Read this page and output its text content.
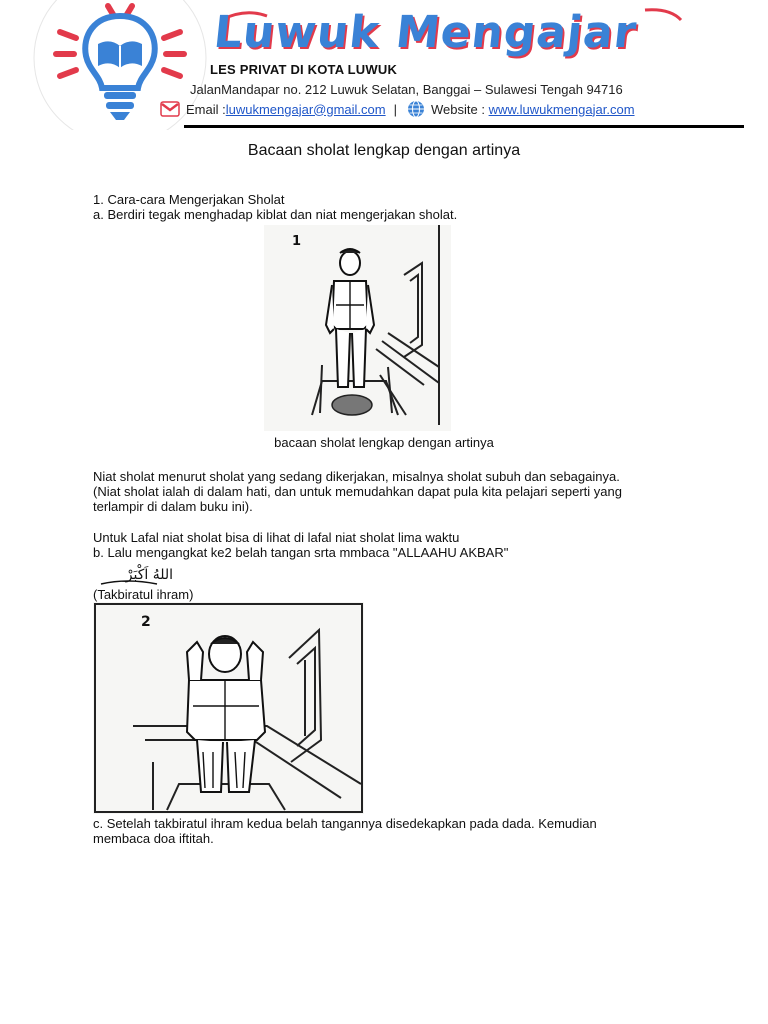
Luwuk Mengajar
LES PRIVAT DI KOTA LUWUK
JalanMandapar no. 212 Luwuk Selatan, Banggai – Sulawesi Tengah 94716
Email : luwukmengajar@gmail.com |	Website :
www.luwukmengajar.com
Bacaan sholat lengkap dengan artinya
1. Cara-cara Mengerjakan Sholat
a. Berdiri tegak menghadap kiblat dan niat mengerjakan sholat.
1
bacaan sholat lengkap dengan artinya
Niat sholat menurut sholat yang sedang dikerjakan, misalnya sholat subuh dan sebagainya.
(Niat sholat ialah di dalam hati, dan untuk memudahkan dapat pula kita pelajari seperti yang
terlampir di dalam buku ini).
Untuk Lafal niat sholat bisa di lihat di lafal niat sholat lima waktu
b. Lalu mengangkat ke2 belah tangan srta mmbaca "ALLAAHU AKBAR"
اللهُ اَكْبَرْ
(Takbiratul ihram)
2
c. Setelah takbiratul ihram kedua belah tangannya disedekapkan pada dada. Kemudian
membaca doa iftitah.
